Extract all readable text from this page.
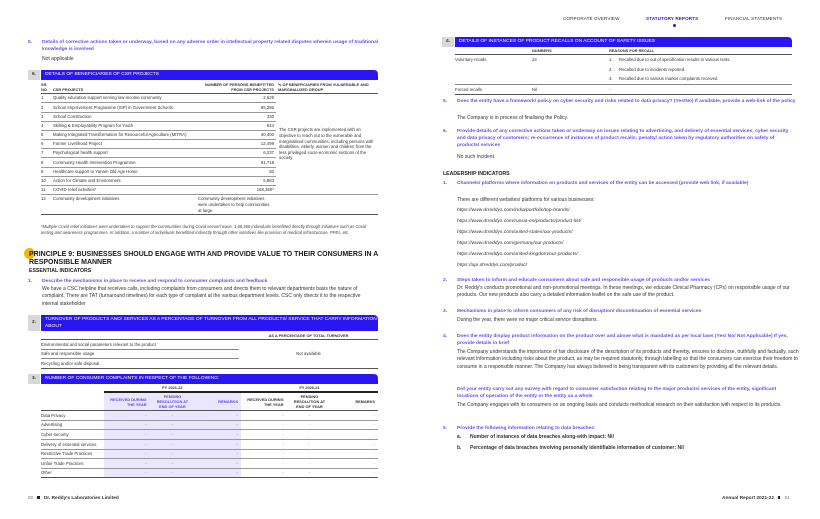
5. Details of corrective actions taken or underway, based on any adverse order in intellectual property related disputes wherein usage of traditional knowledge is involved
Not applicable
6.	DETAILS OF BENEFICIARIES OF CSR PROJECTS
SR. NO.	CSR PROJECTS	NUMBER OF PERSONS BENEFITTED FROM CSR PROJECTS	% OF BENEFICIARIES FROM VULNERABLE AND MARGINALIZED GROUP
1	Quality education support serving low-income community	2,625	The CSR projects are implemented with an objective to reach out to the vulnerable and marginalised communities, including persons with disabilities, elderly, women and children from the less privileged socio-economic sections of the society
2	School Improvement Programme (SIP) in Government Schools	65,286	
3	School Construction	330	
4	Skilling & Employability Program for Youth	944	
5	Making Integrated Transformation for Resourceful Agriculture (MITRA)	40,400	
6	Farmer Livelihood Project	12,499	
7	Psychological health support	6,237	
8	Community Health Intervention Programme	51,718	
9	Healthcare support to Yanam Old Age Home	50	
10	Action for Climate and Environment	5,883	
11	COVID relief activities*	168,360*	
12	Community development initiatives	Community development initiatives were undertaken to help communities at large.	
*Multiple Covid relief initiatives were undertaken to support the communities during Covid second wave. 1,68,360 individuals benefitted directly through initiatives such as Covid testing and awareness programmes. In addition, a number of individuals benefitted indirectly through other initiatives like provision of medical infrastructure, PPEs, etc.
PRINCIPLE 9: BUSINESSES SHOULD ENGAGE WITH AND PROVIDE VALUE TO THEIR CONSUMERS IN A RESPONSIBLE MANNER
ESSENTIAL INDICATORS
1. Describe the mechanisms in place to receive and respond to consumer complaints and feedback
We have a CSC helpline that receives calls, including complaints from consumers and directs them to relevant departments basis the nature of complaint. There are TAT (turnaround timelines) for each type of complaint at the various department levels. CSC only directs it to the respective internal stakeholder
2.
TURNOVER OF PRODUCTS AND/ SERVICES AS A PERCENTAGE OF TURNOVER FROM ALL PRODUCTS/ SERVICE THAT CARRY INFORMATION ABOUT
	AS A PERCENTAGE OF TOTAL TURNOVER
Environmental and social parameters relevant to the product	Not available
Safe and responsible usage	
Recycling and/or safe disposal	
3.	NUMBER OF CONSUMER COMPLAINTS IN RESPECT OF THE FOLLOWING:
	FY 2021-22			FY 2020-21		
	RECEIVED DURING THE YEAR	PENDING RESOLUTION AT END OF YEAR	REMARKS	RECEIVED DURING THE YEAR	PENDING RESOLUTION AT END OF YEAR	REMARKS
Data Privacy	-	-	-	-	-	-
Advertising	-	-	-	-	-	-
Cyber-security	-	-	-	-	-	-
Delivery of essential services	-	-	-	-	-	-
Restrictive Trade Practices	-	-	-	-	-	-
Unfair Trade Practices	-	-	-	-	-	-
Other	-	-	-	-	-	-
50 Dr. Reddy's Laboratories Limited
CORPORATE OVERVIEW	STATUTORY REPORTS	FINANCIAL STATEMENTS
4.	DETAILS OF INSTANCES OF PRODUCT RECALLS ON ACCOUNT OF SAFETY ISSUES
	NUMBERS	REASONS FOR RECALL
Voluntary recalls	24	1. Recalled due to out of specification results in various tests.
		2. Recalled due to incidents reported.
		3. Recalled due to various market complaints received.
Forced recalls	Nil	-
5. Does the entity have a framework/ policy on cyber security and risks related to data privacy? (Yes/No) If available, provide a web-link of the policy
The Company is in process of finalising the Policy.
6. Provide details of any corrective actions taken or underway on issues relating to advertising, and delivery of essential services; cyber security and data privacy of customers; re-occurrence of instances of product recalls; penalty/ action taken by regulatory authorities on safety of products/ services
No such incident.
LEADERSHIP INDICATORS
1. Channels/ platforms where information on products and services of the entity can be accessed (provide web link, if available)
There are different websites/ platforms for various businesses:
https://www.drreddys.com/india/portfolio/top-brands/
https://www.drreddys.com/russia-en/products/product-list/
https://www.drreddys.com/united-states/our-products/
https://www.drreddys.com/germany/our-products/
https://www.drreddys.com/united-kingdom/our-products/
https://api.drreddys.com/product
2. Steps taken to inform and educate consumers about safe and responsible usage of products and/or services
Dr. Reddy's conducts promotional and non-promotional meetings. In these meetings, we educate Clinical Pharmacy (CPs) on responsible usage of our products. Our new products also carry a detailed information leaflet on the safe use of the product.
3. Mechanisms in place to inform consumers of any risk of disruption/ discontinuation of essential services
During the year, there were no major critical service disruptions.
4. Does the entity display product information on the product over and above what is mandated as per local laws (Yes/ No/ Not Applicable) If yes, provide details in brief
The Company understands the importance of fair disclosure of the description of its products and thereby, ensures to disclose, truthfully and factually, such relevant information including risks about the product, as may be required statutorily, through labelling so that the consumers can exercise their freedom to consume in a responsible manner. The Company has always believed in being transparent with its customers by providing all the relevant details.
Did your entity carry out any survey with regard to consumer satisfaction relating to the major products/ services of the entity, significant locations of operation of the entity or the entity as a whole
The Company engages with its consumers on an ongoing basis and conducts methodical research on their satisfaction with respect to its products.
5. Provide the following information relating to data breaches:
a. Number of instances of data breaches along-with impact: Nil
b. Percentage of data breaches involving personally identifiable information of customer: Nil
Annual Report 2021-22 51
